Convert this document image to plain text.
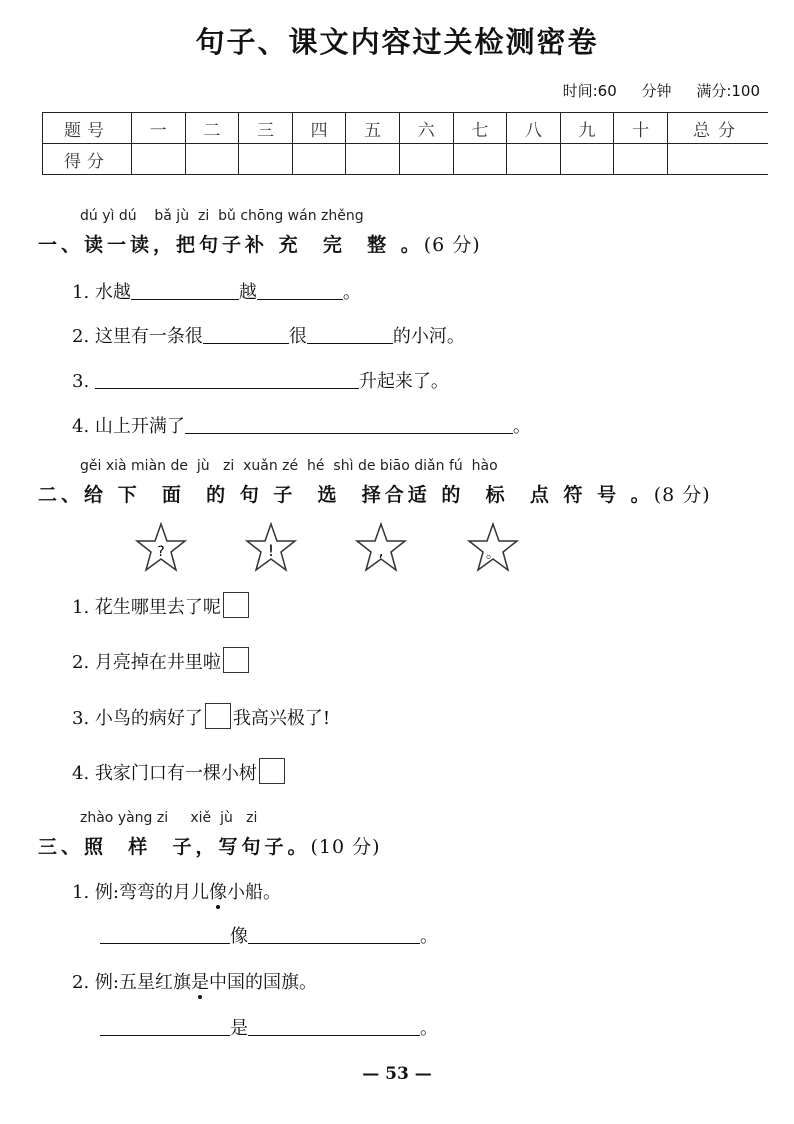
句子、课文内容过关检测密卷
时间:60 分钟 满分:100
题号	一	二	三	四	五	六	七	八	九	十	总分
得分											
dú yì dú    bǎ jù  zi  bǔ chōng wán zhěng
一、读一读，把句子补 充  完  整 。(6 分)
1. 水越	越	。
2. 这里有一条很	很	的小河。
3.	升起来了。
4. 山上开满了	。
gěi xià miàn de  jù   zi  xuǎn zé  hé  shì de biāo diǎn fú  hào
二、给 下  面  的 句 子  选  择合适 的  标  点 符 号 。(8 分)
?	!	,	。
1. 花生哪里去了呢
2. 月亮掉在井里啦
3. 小鸟的病好了 我高兴极了!
4. 我家门口有一棵小树
zhào yàng zi     xiě  jù   zi
三、照  样  子，写句子。(10 分)
1. 例:弯弯的月儿像小船。
像	。
2. 例:五星红旗是中国的国旗。
是	。
— 53 —
